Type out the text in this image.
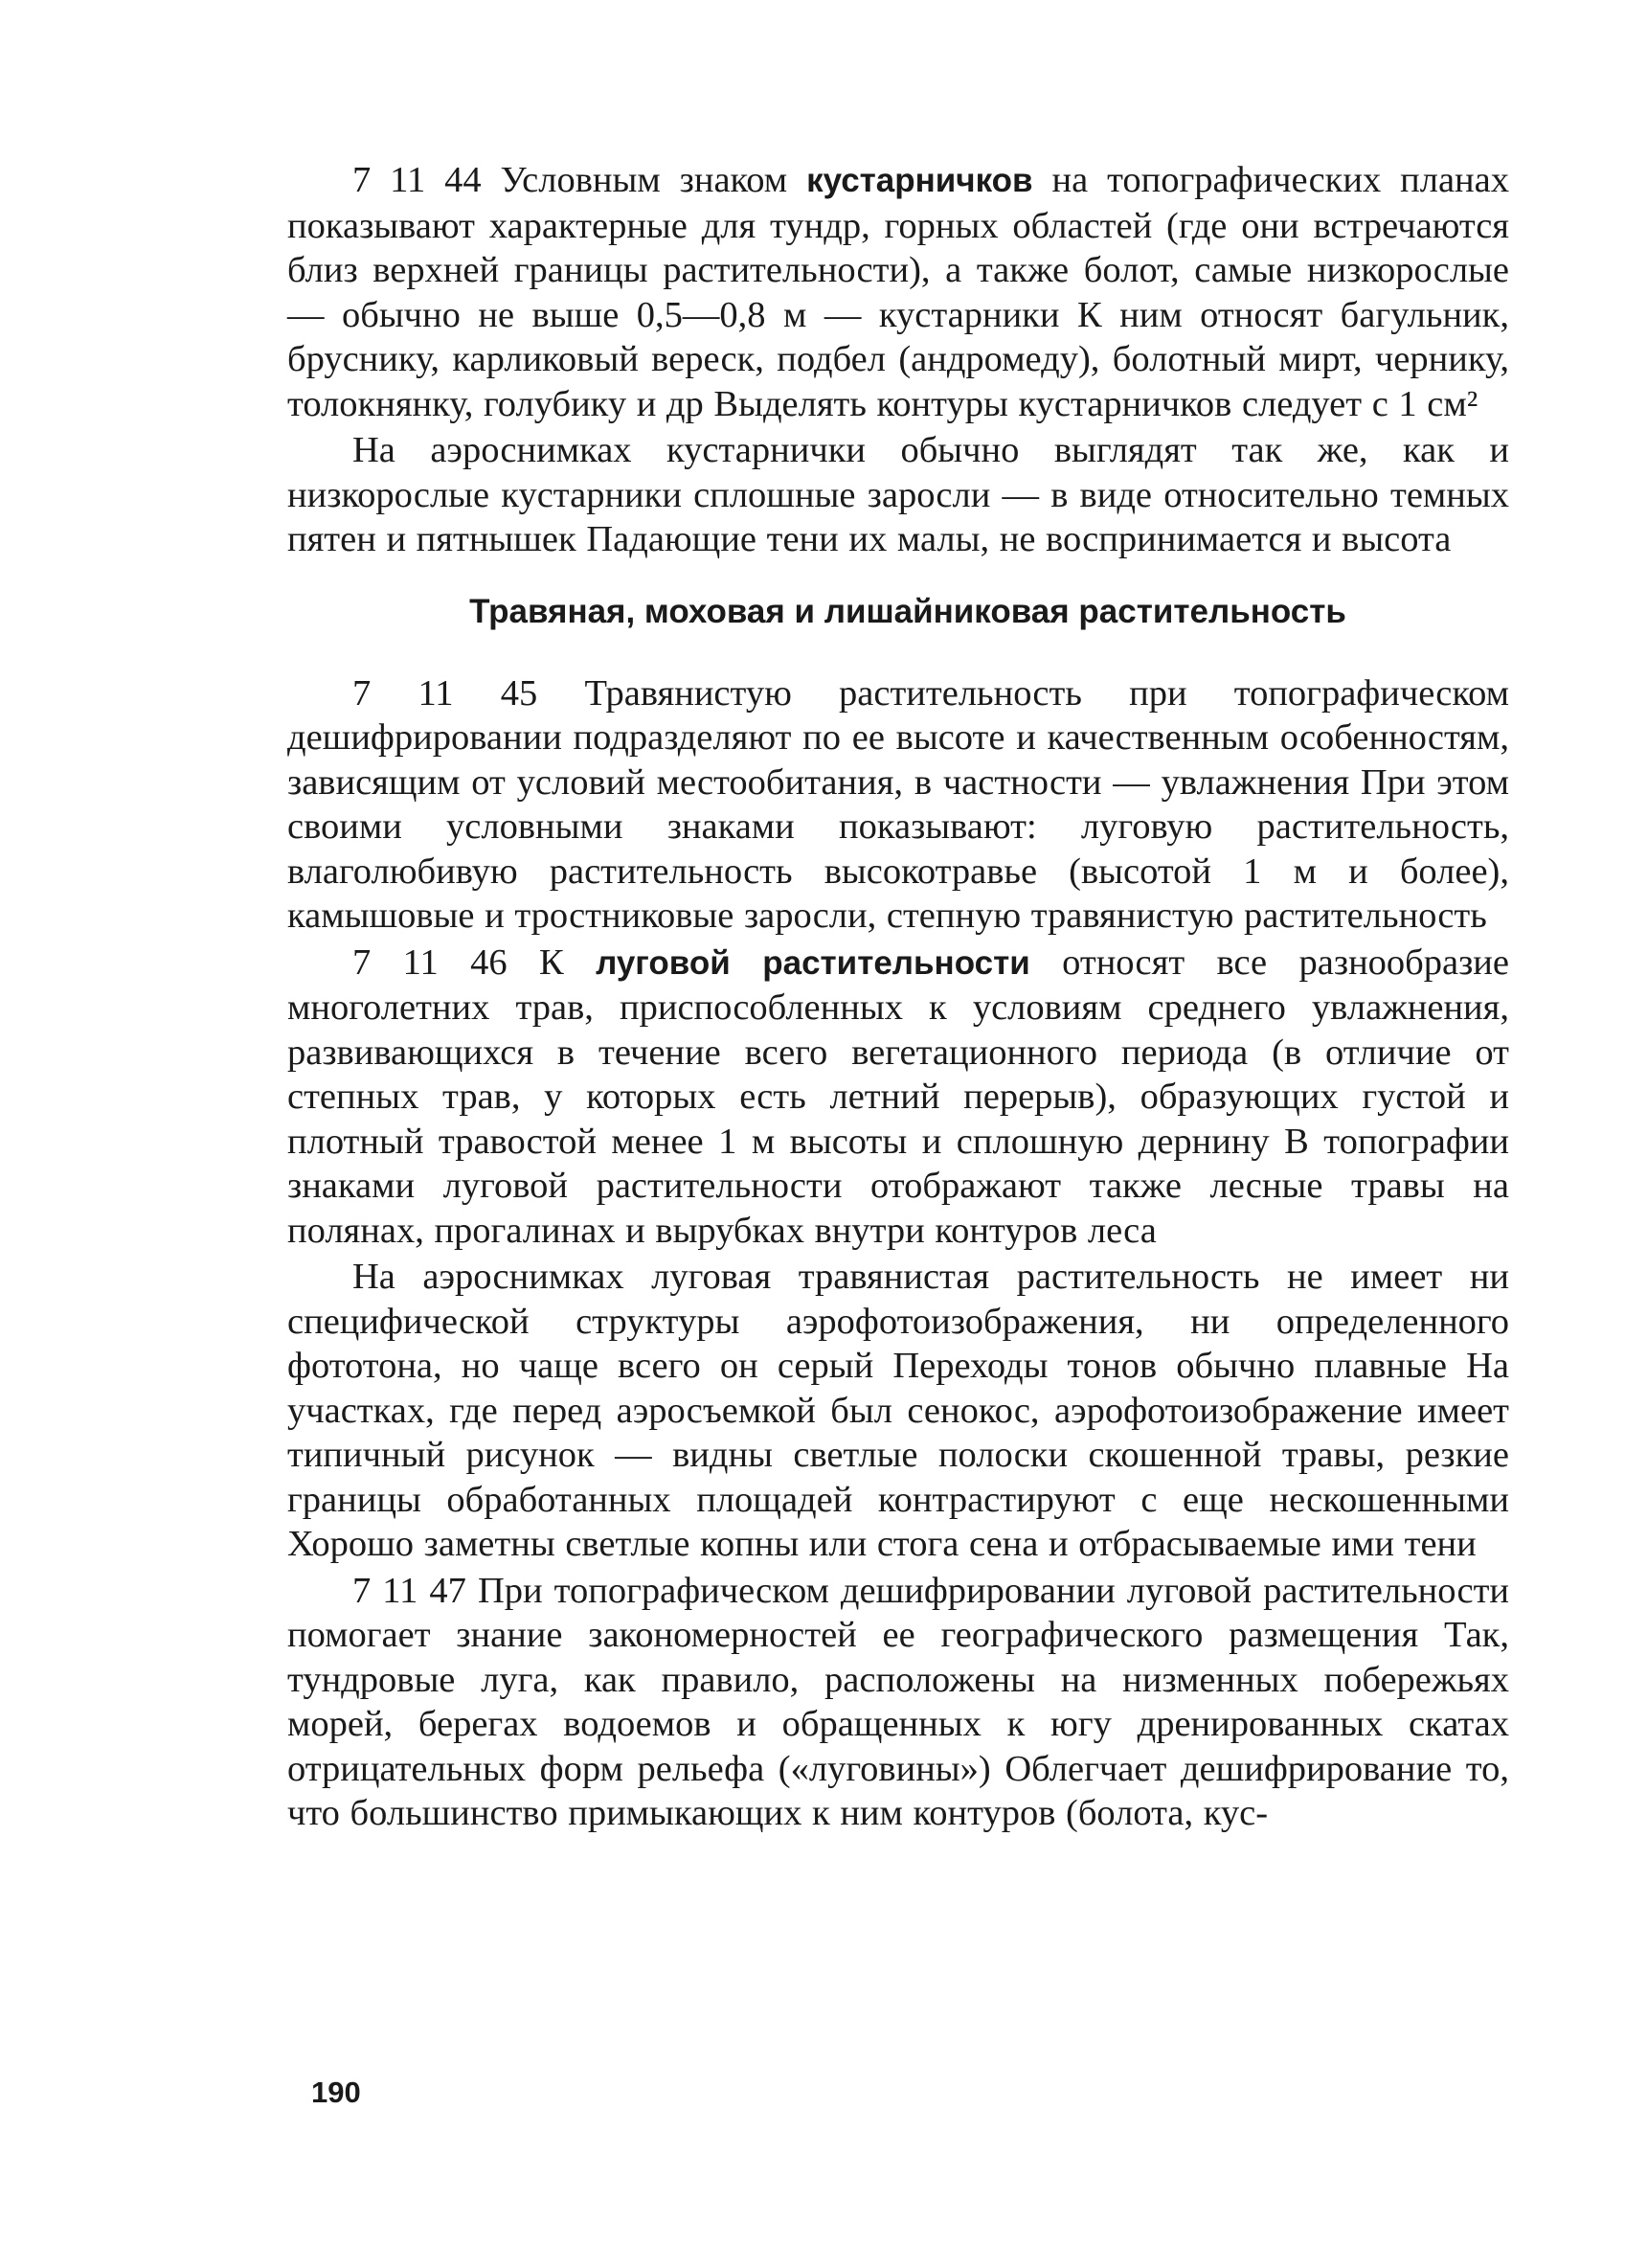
7 11 44 Условным знаком кустарничков на топографических планах показывают характерные для тундр, горных областей (где они встречаются близ верхней границы растительности), а также болот, самые низкорослые — обычно не выше 0,5—0,8 м — кустарники К ним относят багульник, бруснику, карликовый вереск, подбел (андромеду), болотный мирт, чернику, толокнянку, голубику и др Выделять контуры кустарничков следует с 1 см²

На аэроснимках кустарнички обычно выглядят так же, как и низкорослые кустарники сплошные заросли — в виде относительно темных пятен и пятнышек Падающие тени их малы, не воспринимается и высота

Травяная, моховая и лишайниковая растительность

7 11 45 Травянистую растительность при топографическом дешифрировании подразделяют по ее высоте и качественным особенностям, зависящим от условий местообитания, в частности — увлажнения При этом своими условными знаками показывают: луговую растительность, влаголюбивую растительность высокотравье (высотой 1 м и более), камышовые и тростниковые заросли, степную травянистую растительность

7 11 46 К луговой растительности относят все разнообразие многолетних трав, приспособленных к условиям среднего увлажнения, развивающихся в течение всего вегетационного периода (в отличие от степных трав, у которых есть летний перерыв), образующих густой и плотный травостой менее 1 м высоты и сплошную дернину В топографии знаками луговой растительности отображают также лесные травы на полянах, прогалинах и вырубках внутри контуров леса

На аэроснимках луговая травянистая растительность не имеет ни специфической структуры аэрофотоизображения, ни определенного фототона, но чаще всего он серый Переходы тонов обычно плавные На участках, где перед аэросъемкой был сенокос, аэрофотоизображение имеет типичный рисунок — видны светлые полоски скошенной травы, резкие границы обработанных площадей контрастируют с еще нескошенными Хорошо заметны светлые копны или стога сена и отбрасываемые ими тени

7 11 47 При топографическом дешифрировании луговой растительности помогает знание закономерностей ее географического размещения Так, тундровые луга, как правило, расположены на низменных побережьях морей, берегах водоемов и обращенных к югу дренированных скатах отрицательных форм рельефа («луговины») Облегчает дешифрирование то, что большинство примыкающих к ним контуров (болота, кус-

190
